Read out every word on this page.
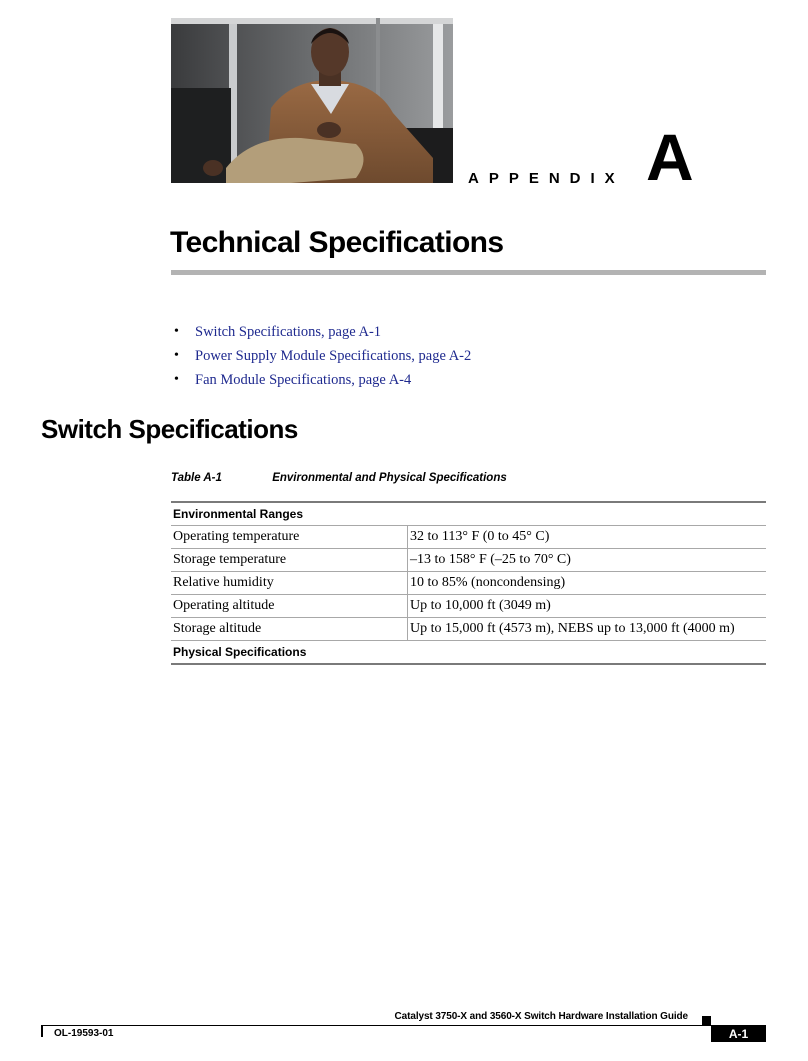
APPENDIX A
Technical Specifications
•	Switch Specifications, page A-1
•	Power Supply Module Specifications, page A-2
•	Fan Module Specifications, page A-4
Switch Specifications
Table A-1	Environmental and Physical Specifications
Environmental Ranges	
Operating temperature	32 to 113° F (0 to 45° C)
Storage temperature	–13 to 158° F (–25 to 70° C)
Relative humidity	10 to 85% (noncondensing)
Operating altitude	Up to 10,000 ft (3049 m)
Storage altitude	Up to 15,000 ft (4573 m), NEBS up to 13,000 ft (4000 m)
Physical Specifications	
Catalyst 3750-X and 3560-X Switch Hardware Installation Guide
OL-19593-01	A-1
